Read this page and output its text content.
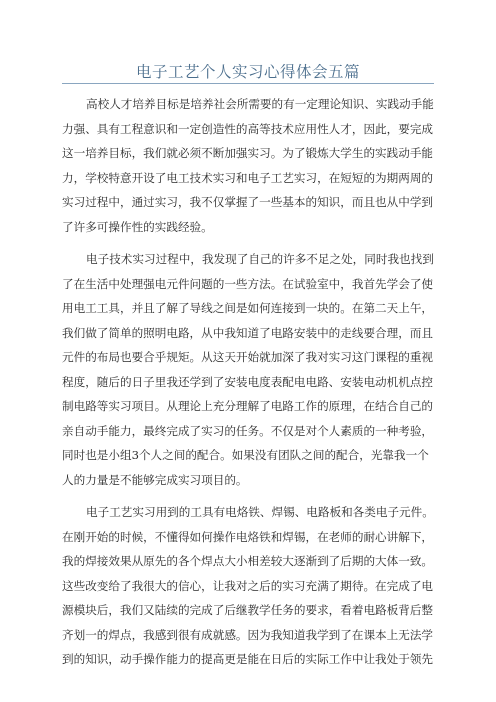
电子工艺个人实习心得体会五篇
高校人才培养目标是培养社会所需要的有一定理论知识、实践动手能
力强、具有工程意识和一定创造性的高等技术应用性人才，因此，要完成
这一培养目标，我们就必须不断加强实习。为了锻炼大学生的实践动手能
力，学校特意开设了电工技术实习和电子工艺实习，在短短的为期两周的
实习过程中，通过实习，我不仅掌握了一些基本的知识，而且也从中学到
了许多可操作性的实践经验。
电子技术实习过程中，我发现了自己的许多不足之处，同时我也找到
了在生活中处理强电元件问题的一些方法。在试验室中，我首先学会了使
用电工工具，并且了解了导线之间是如何连接到一块的。在第二天上午，
我们做了简单的照明电路，从中我知道了电路安装中的走线要合理，而且
元件的布局也要合乎规矩。从这天开始就加深了我对实习这门课程的重视
程度，随后的日子里我还学到了安装电度表配电电路、安装电动机机点控
制电路等实习项目。从理论上充分理解了电路工作的原理，在结合自己的
亲自动手能力，最终完成了实习的任务。不仅是对个人素质的一种考验，
同时也是小组3个人之间的配合。如果没有团队之间的配合，光靠我一个
人的力量是不能够完成实习项目的。
电子工艺实习用到的工具有电烙铁、焊锡、电路板和各类电子元件。
在刚开始的时候，不懂得如何操作电烙铁和焊锡，在老师的耐心讲解下，
我的焊接效果从原先的各个焊点大小相差较大逐渐到了后期的大体一致。
这些改变给了我很大的信心，让我对之后的实习充满了期待。在完成了电
源模块后，我们又陆续的完成了后继教学任务的要求，看着电路板背后整
齐划一的焊点，我感到很有成就感。因为我知道我学到了在课本上无法学
到的知识，动手操作能力的提高更是能在日后的实际工作中让我处于领先
